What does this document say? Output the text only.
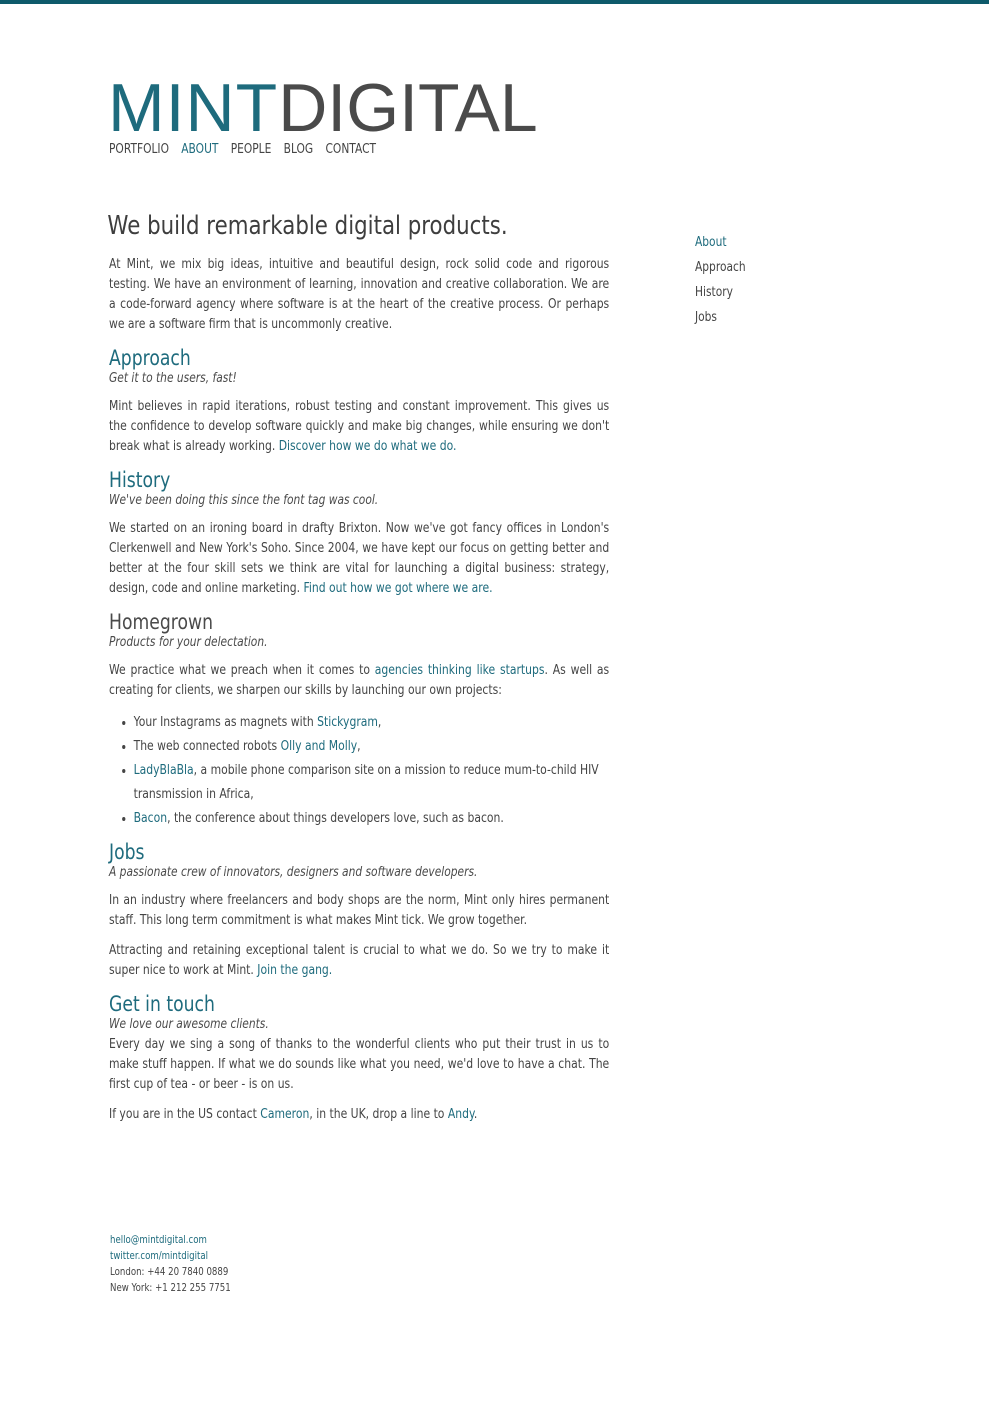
MINTDIGITAL
PORTFOLIO ABOUT PEOPLE BLOG CONTACT
We build remarkable digital products.

At Mint, we mix big ideas, intuitive and beautiful design, rock solid code and rigorous testing. We have an environment of learning, innovation and creative collaboration. We are a code-forward agency where software is at the heart of the creative process. Or perhaps we are a software firm that is uncommonly creative.

Approach
Get it to the users, fast!

Mint believes in rapid iterations, robust testing and constant improvement. This gives us the confidence to develop software quickly and make big changes, while ensuring we don't break what is already working. Discover how we do what we do.

History
We've been doing this since the font tag was cool.

We started on an ironing board in drafty Brixton. Now we've got fancy offices in London's Clerkenwell and New York's Soho. Since 2004, we have kept our focus on getting better and better at the four skill sets we think are vital for launching a digital business: strategy, design, code and online marketing. Find out how we got where we are.

Homegrown
Products for your delectation.

We practice what we preach when it comes to agencies thinking like startups. As well as creating for clients, we sharpen our skills by launching our own projects:

• Your Instagrams as magnets with Stickygram,
• The web connected robots Olly and Molly,
• LadyBlaBla, a mobile phone comparison site on a mission to reduce mum-to-child HIV transmission in Africa,
• Bacon, the conference about things developers love, such as bacon.
Jobs
A passionate crew of innovators, designers and software developers.

In an industry where freelancers and body shops are the norm, Mint only hires permanent staff. This long term commitment is what makes Mint tick. We grow together.

Attracting and retaining exceptional talent is crucial to what we do. So we try to make it super nice to work at Mint. Join the gang.

Get in touch
We love our awesome clients.

Every day we sing a song of thanks to the wonderful clients who put their trust in us to make stuff happen. If what we do sounds like what you need, we'd love to have a chat. The first cup of tea - or beer - is on us.

If you are in the US contact Cameron, in the UK, drop a line to Andy.

About
Approach
History
Jobs
hello@mintdigital.com
twitter.com/mintdigital
London: +44 20 7840 0889
New York: +1 212 255 7751
